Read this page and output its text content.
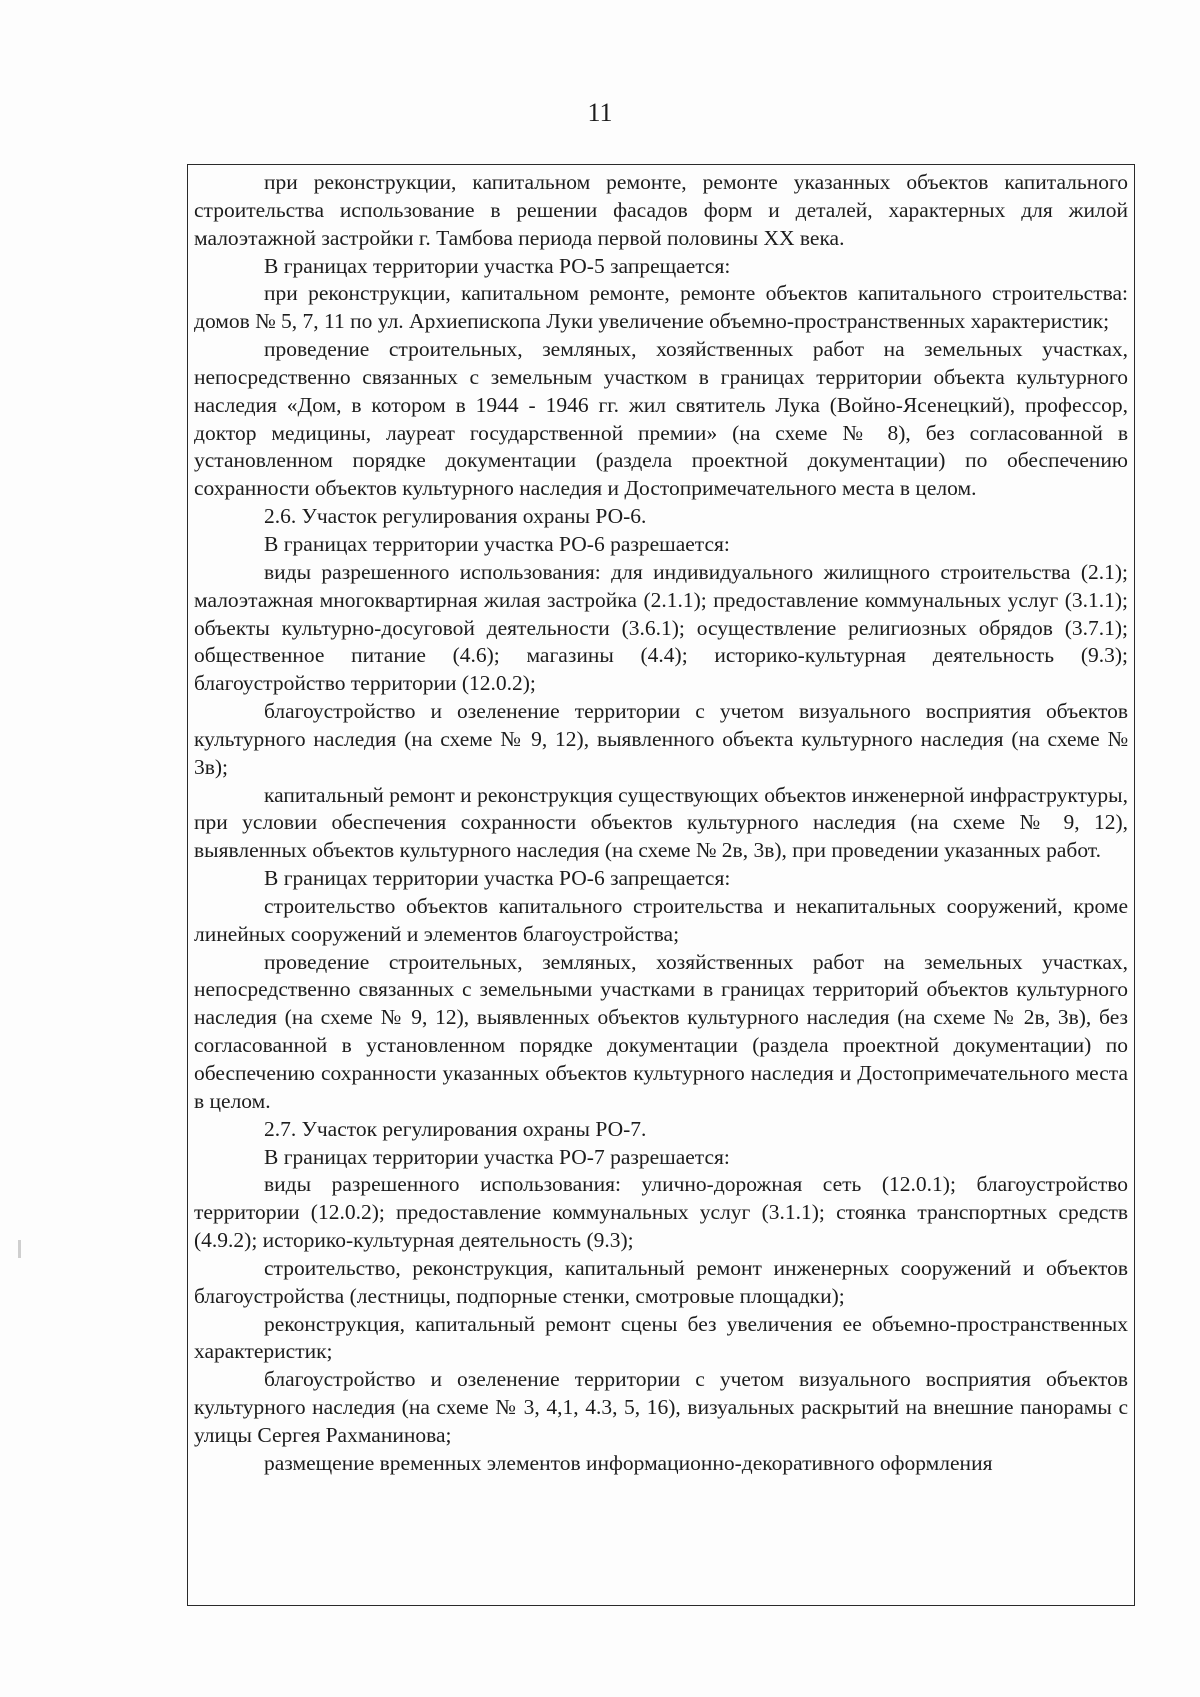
11

при реконструкции, капитальном ремонте, ремонте указанных объектов капитального строительства использование в решении фасадов форм и деталей, характерных для жилой малоэтажной застройки г. Тамбова периода первой половины XX века.

В границах территории участка РО-5 запрещается:

при реконструкции, капитальном ремонте, ремонте объектов капитального строительства: домов № 5, 7, 11 по ул. Архиепископа Луки увеличение объемно-пространственных характеристик;

проведение строительных, земляных, хозяйственных работ на земельных участках, непосредственно связанных с земельным участком в границах территории объекта культурного наследия «Дом, в котором в 1944 - 1946 гг. жил святитель Лука (Войно-Ясенецкий), профессор, доктор медицины, лауреат государственной премии» (на схеме № 8), без согласованной в установленном порядке документации (раздела проектной документации) по обеспечению сохранности объектов культурного наследия и Достопримечательного места в целом.

2.6. Участок регулирования охраны РО-6.

В границах территории участка РО-6 разрешается:

виды разрешенного использования: для индивидуального жилищного строительства (2.1); малоэтажная многоквартирная жилая застройка (2.1.1); предоставление коммунальных услуг (3.1.1); объекты культурно-досуговой деятельности (3.6.1); осуществление религиозных обрядов (3.7.1); общественное питание (4.6); магазины (4.4); историко-культурная деятельность (9.3); благоустройство территории (12.0.2);

благоустройство и озеленение территории с учетом визуального восприятия объектов культурного наследия (на схеме № 9, 12), выявленного объекта культурного наследия (на схеме № 3в);

капитальный ремонт и реконструкция существующих объектов инженерной инфраструктуры, при условии обеспечения сохранности объектов культурного наследия (на схеме № 9, 12), выявленных объектов культурного наследия (на схеме № 2в, 3в), при проведении указанных работ.

В границах территории участка РО-6 запрещается:

строительство объектов капитального строительства и некапитальных сооружений, кроме линейных сооружений и элементов благоустройства;

проведение строительных, земляных, хозяйственных работ на земельных участках, непосредственно связанных с земельными участками в границах территорий объектов культурного наследия (на схеме № 9, 12), выявленных объектов культурного наследия (на схеме № 2в, 3в), без согласованной в установленном порядке документации (раздела проектной документации) по обеспечению сохранности указанных объектов культурного наследия и Достопримечательного места в целом.

2.7. Участок регулирования охраны РО-7.

В границах территории участка РО-7 разрешается:

виды разрешенного использования: улично-дорожная сеть (12.0.1); благоустройство территории (12.0.2); предоставление коммунальных услуг (3.1.1); стоянка транспортных средств (4.9.2); историко-культурная деятельность (9.3);

строительство, реконструкция, капитальный ремонт инженерных сооружений и объектов благоустройства (лестницы, подпорные стенки, смотровые площадки);

реконструкция, капитальный ремонт сцены без увеличения ее объемно-пространственных характеристик;

благоустройство и озеленение территории с учетом визуального восприятия объектов культурного наследия (на схеме № 3, 4,1, 4.3, 5, 16), визуальных раскрытий на внешние панорамы с улицы Сергея Рахманинова;

размещение временных элементов информационно-декоративного оформления
